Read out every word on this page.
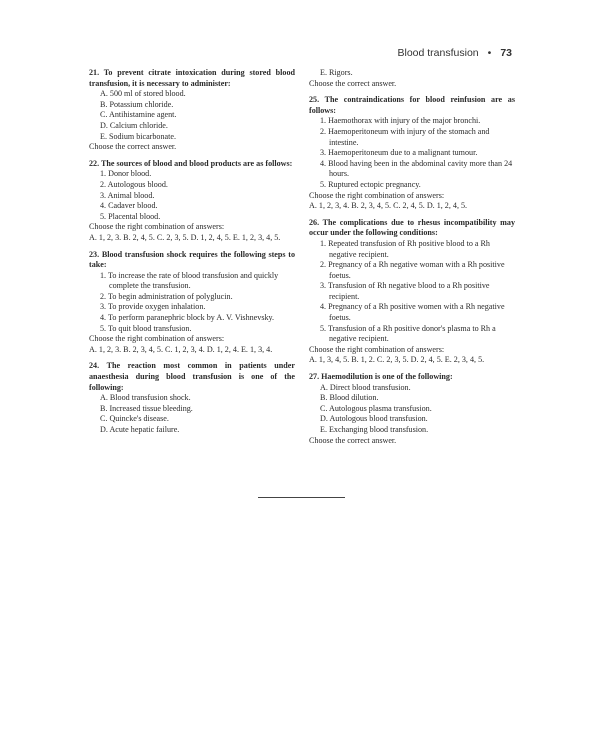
Blood transfusion • 73

21. To prevent citrate intoxication during stored blood transfusion, it is necessary to administer:

A. 500 ml of stored blood.

B. Potassium chloride.

C. Antihistamine agent.

D. Calcium chloride.

E. Sodium bicarbonate.

Choose the correct answer.

22. The sources of blood and blood products are as follows:

1. Donor blood.

2. Autologous blood.

3. Animal blood.

4. Cadaver blood.

5. Placental blood.

Choose the right combination of answers:

A. 1, 2, 3. B. 2, 4, 5. C. 2, 3, 5. D. 1, 2, 4, 5. E. 1, 2, 3, 4, 5.

23. Blood transfusion shock requires the following steps to take:

1. To increase the rate of blood transfusion and quickly complete the transfusion.

2. To begin administration of polyglucin.

3. To provide oxygen inhalation.

4. To perform paranephric block by A. V. Vishnevsky.

5. To quit blood transfusion.

Choose the right combination of answers:

A. 1, 2, 3. B. 2, 3, 4, 5. C. 1, 2, 3, 4. D. 1, 2, 4. E. 1, 3, 4.

24. The reaction most common in patients under anaesthesia during blood transfusion is one of the following:

A. Blood transfusion shock.

B. Increased tissue bleeding.

C. Quincke's disease.

D. Acute hepatic failure.

E. Rigors.

Choose the correct answer.

25. The contraindications for blood reinfusion are as follows:

1. Haemothorax with injury of the major bronchi.

2. Haemoperitoneum with injury of the stomach and intestine.

3. Haemoperitoneum due to a malignant tumour.

4. Blood having been in the abdominal cavity more than 24 hours.

5. Ruptured ectopic pregnancy.

Choose the right combination of answers:

A. 1, 2, 3, 4. B. 2, 3, 4, 5. C. 2, 4, 5. D. 1, 2, 4, 5.

26. The complications due to rhesus incompatibility may occur under the following conditions:

1. Repeated transfusion of Rh positive blood to a Rh negative recipient.

2. Pregnancy of a Rh negative woman with a Rh positive foetus.

3. Transfusion of Rh negative blood to a Rh positive recipient.

4. Pregnancy of a Rh positive women with a Rh negative foetus.

5. Transfusion of a Rh positive donor's plasma to Rh a negative recipient.

Choose the right combination of answers:

A. 1, 3, 4, 5. B. 1, 2. C. 2, 3, 5. D. 2, 4, 5. E. 2, 3, 4, 5.

27. Haemodilution is one of the following:

A. Direct blood transfusion.

B. Blood dilution.

C. Autologous plasma transfusion.

D. Autologous blood transfusion.

E. Exchanging blood transfusion.

Choose the correct answer.
